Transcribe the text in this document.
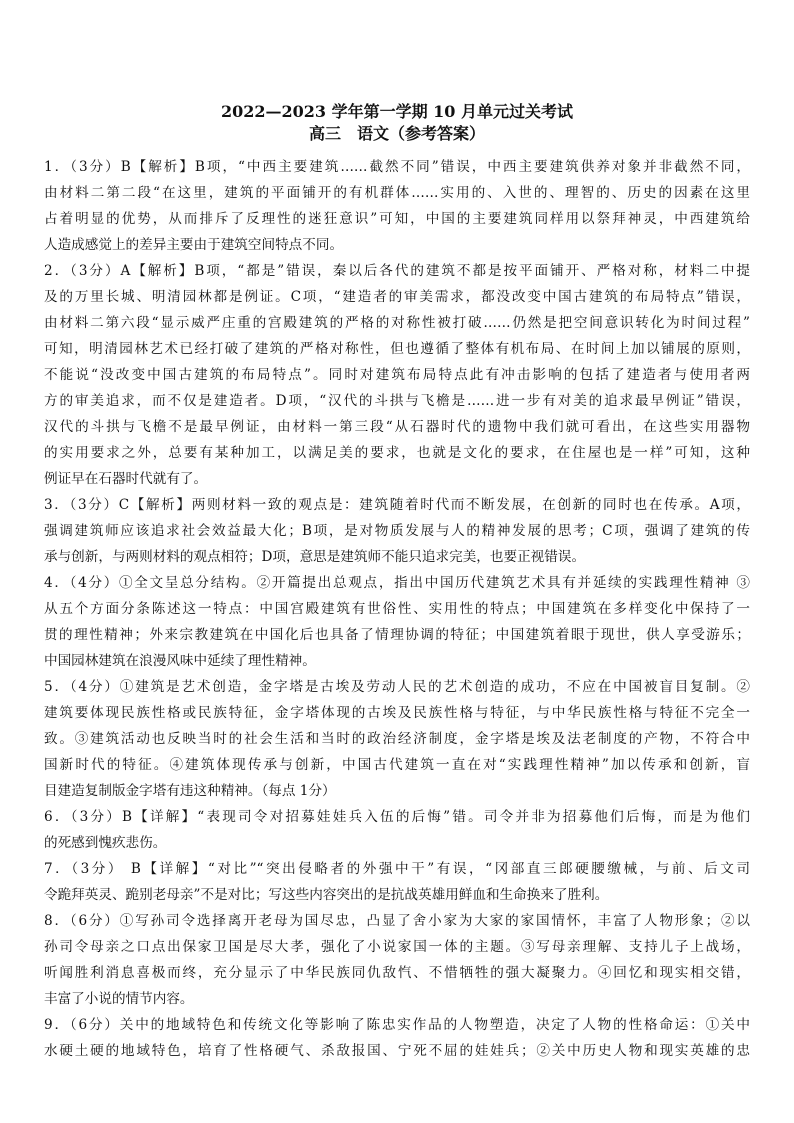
2022—2023 学年第一学期 10 月单元过关考试
高三　语文（参考答案）
1．（3分）B【解析】B项，“中西主要建筑……截然不同”错误，中西主要建筑供养对象并非截然不同，
由材料二第二段“在这里，建筑的平面铺开的有机群体……实用的、入世的、理智的、历史的因素在这里
占着明显的优势，从而排斥了反理性的迷狂意识”可知，中国的主要建筑同样用以祭拜神灵，中西建筑给
人造成感觉上的差异主要由于建筑空间特点不同。
2．（3分）A【解析】B项，“都是”错误，秦以后各代的建筑不都是按平面铺开、严格对称，材料二中提
及的万里长城、明清园林都是例证。C项，“建造者的审美需求，都没改变中国古建筑的布局特点”错误，
由材料二第六段“显示威严庄重的宫殿建筑的严格的对称性被打破……仍然是把空间意识转化为时间过程”
可知，明清园林艺术已经打破了建筑的严格对称性，但也遵循了整体有机布局、在时间上加以铺展的原则，
不能说“没改变中国古建筑的布局特点”。同时对建筑布局特点此有冲击影响的包括了建造者与使用者两
方的审美追求，而不仅是建造者。D项，“汉代的斗拱与飞檐是……进一步有对美的追求最早例证”错误，
汉代的斗拱与飞檐不是最早例证，由材料一第三段“从石器时代的遗物中我们就可看出，在这些实用器物
的实用要求之外，总要有某种加工，以满足美的要求，也就是文化的要求，在住屋也是一样”可知，这种
例证早在石器时代就有了。
3．（3分）C【解析】两则材料一致的观点是：建筑随着时代而不断发展，在创新的同时也在传承。A项，
强调建筑师应该追求社会效益最大化；B项，是对物质发展与人的精神发展的思考；C项，强调了建筑的传
承与创新，与两则材料的观点相符；D项，意思是建筑师不能只追求完美，也要正视错误。
4．（4分）①全文呈总分结构。②开篇提出总观点，指出中国历代建筑艺术具有并延续的实践理性精神 ③
从五个方面分条陈述这一特点：中国宫殿建筑有世俗性、实用性的特点；中国建筑在多样变化中保持了一
贯的理性精神；外来宗教建筑在中国化后也具备了情理协调的特征；中国建筑着眼于现世，供人享受游乐；
中国园林建筑在浪漫风味中延续了理性精神。
5．（4分）①建筑是艺术创造，金字塔是古埃及劳动人民的艺术创造的成功，不应在中国被盲目复制。②
建筑要体现民族性格或民族特征，金字塔体现的古埃及民族性格与特征，与中华民族性格与特征不完全一
致。③建筑活动也反映当时的社会生活和当时的政治经济制度，金字塔是埃及法老制度的产物，不符合中
国新时代的特征。④建筑体现传承与创新，中国古代建筑一直在对“实践理性精神”加以传承和创新，盲
目建造复制版金字塔有违这种精神。（每点 1分）
6．（3分）B【详解】“表现司令对招募娃娃兵入伍的后悔”错。司令并非为招募他们后悔，而是为他们
的死感到愧疚悲伤。
7．（3分） B【详解】“对比”“突出侵略者的外强中干”有误，“冈部直三郎硬腰缴械，与前、后文司
令跪拜英灵、跪别老母亲”不是对比；写这些内容突出的是抗战英雄用鲜血和生命换来了胜利。
8．（6分）①写孙司令选择离开老母为国尽忠，凸显了舍小家为大家的家国情怀，丰富了人物形象；②以
孙司令母亲之口点出保家卫国是尽大孝，强化了小说家国一体的主题。③写母亲理解、支持儿子上战场，
听闻胜利消息喜极而终，充分显示了中华民族同仇敌忾、不惜牺牲的强大凝聚力。④回忆和现实相交错，
丰富了小说的情节内容。
9．（6分）关中的地域特色和传统文化等影响了陈忠实作品的人物塑造，决定了人物的性格命运：①关中
水硬土硬的地域特色，培育了性格硬气、杀敌报国、宁死不屈的娃娃兵；②关中历史人物和现实英雄的忠
